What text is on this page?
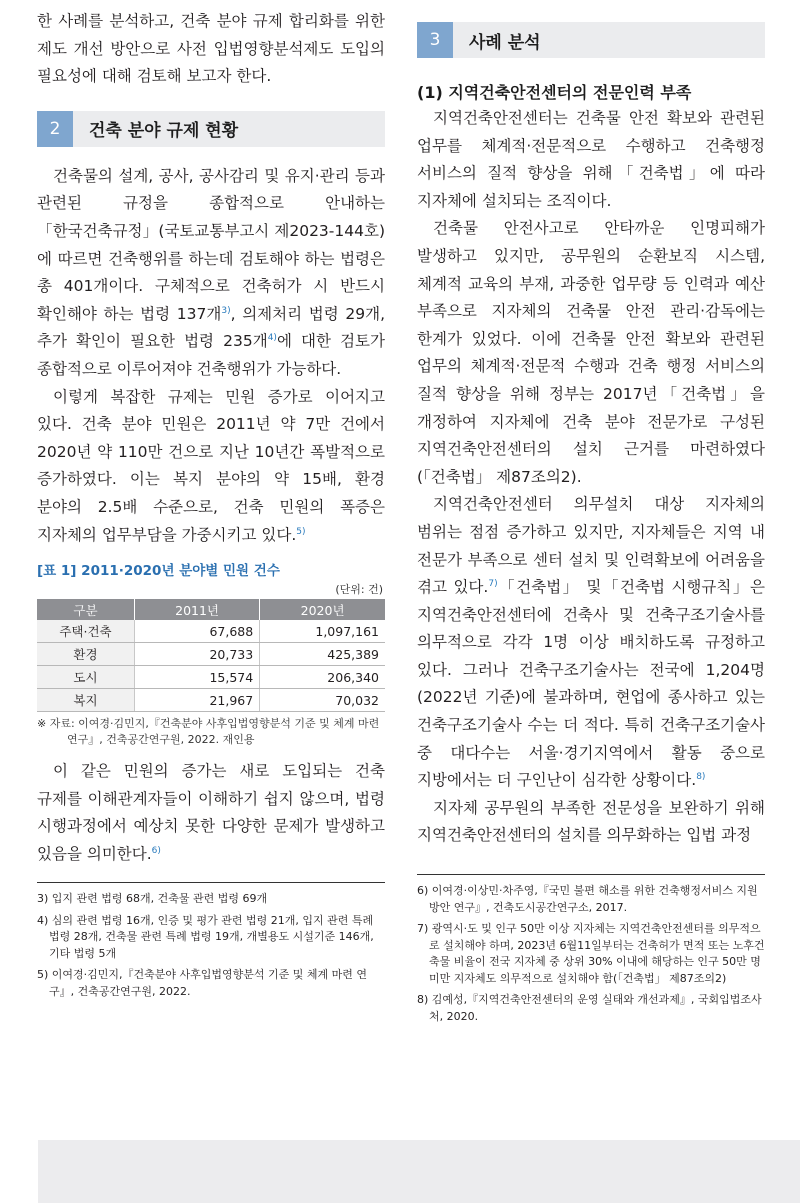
한 사례를 분석하고, 건축 분야 규제 합리화를 위한 제도 개선 방안으로 사전 입법영향분석제도 도입의 필요성에 대해 검토해 보고자 한다.

2	건축 분야 규제 현황

건축물의 설계, 공사, 공사감리 및 유지·관리 등과 관련된 규정을 종합적으로 안내하는「한국건축규정」(국토교통부고시 제2023-144호)에 따르면 건축행위를 하는데 검토해야 하는 법령은 총 401개이다. 구체적으로 건축허가 시 반드시 확인해야 하는 법령 137개$^{3)}$, 의제처리 법령 29개, 추가 확인이 필요한 법령 235개$^{4)}$에 대한 검토가 종합적으로 이루어져야 건축행위가 가능하다.

이렇게 복잡한 규제는 민원 증가로 이어지고 있다. 건축 분야 민원은 2011년 약 7만 건에서 2020년 약 110만 건으로 지난 10년간 폭발적으로 증가하였다. 이는 복지 분야의 약 15배, 환경 분야의 2.5배 수준으로, 건축 민원의 폭증은 지자체의 업무부담을 가중시키고 있다.$^{5)}$

[표 1] 2011·2020년 분야별 민원 건수
(단위: 건)
구분	2011년	2020년
주택·건축	67,688	1,097,161
환경	20,733	425,389
도시	15,574	206,340
복지	21,967	70,032
※ 자료: 이여경·김민지,『건축분야 사후입법영향분석 기준 및 체계 마련 연구』, 건축공간연구원, 2022. 재인용

이 같은 민원의 증가는 새로 도입되는 건축 규제를 이해관계자들이 이해하기 쉽지 않으며, 법령 시행과정에서 예상치 못한 다양한 문제가 발생하고 있음을 의미한다.$^{6)}$

3) 입지 관련 법령 68개, 건축물 관련 법령 69개
4) 심의 관련 법령 16개, 인증 및 평가 관련 법령 21개, 입지 관련 특례 법령 28개, 건축물 관련 특례 법령 19개, 개별용도 시설기준 146개, 기타 법령 5개
5) 이여경·김민지,『건축분야 사후입법영향분석 기준 및 체계 마련 연구』, 건축공간연구원, 2022.
3	사례 분석
(1) 지역건축안전센터의 전문인력 부족

지역건축안전센터는 건축물 안전 확보와 관련된 업무를 체계적·전문적으로 수행하고 건축행정 서비스의 질적 향상을 위해「건축법」에 따라 지자체에 설치되는 조직이다.

건축물 안전사고로 안타까운 인명피해가 발생하고 있지만, 공무원의 순환보직 시스템, 체계적 교육의 부재, 과중한 업무량 등 인력과 예산 부족으로 지자체의 건축물 안전 관리·감독에는 한계가 있었다. 이에 건축물 안전 확보와 관련된 업무의 체계적·전문적 수행과 건축 행정 서비스의 질적 향상을 위해 정부는 2017년「건축법」을 개정하여 지자체에 건축 분야 전문가로 구성된 지역건축안전센터의 설치 근거를 마련하였다(「건축법」 제87조의2).

지역건축안전센터 의무설치 대상 지자체의 범위는 점점 증가하고 있지만, 지자체들은 지역 내 전문가 부족으로 센터 설치 및 인력확보에 어려움을 겪고 있다.$^{7)}$「건축법」 및「건축법 시행규칙」은 지역건축안전센터에 건축사 및 건축구조기술사를 의무적으로 각각 1명 이상 배치하도록 규정하고 있다. 그러나 건축구조기술사는 전국에 1,204명(2022년 기준)에 불과하며, 현업에 종사하고 있는 건축구조기술사 수는 더 적다. 특히 건축구조기술사 중 대다수는 서울·경기지역에서 활동 중으로 지방에서는 더 구인난이 심각한 상황이다.$^{8)}$

지자체 공무원의 부족한 전문성을 보완하기 위해 지역건축안전센터의 설치를 의무화하는 입법 과정

6) 이여경·이상민·차주영,『국민 불편 해소를 위한 건축행정서비스 지원방안 연구』, 건축도시공간연구소, 2017.
7) 광역시·도 및 인구 50만 이상 지자체는 지역건축안전센터를 의무적으로 설치해야 하며, 2023년 6월11일부터는 건축허가 면적 또는 노후건축물 비율이 전국 지자체 중 상위 30% 이내에 해당하는 인구 50만 명 미만 지자체도 의무적으로 설치해야 함(「건축법」 제87조의2)
8) 김예성,『지역건축안전센터의 운영 실태와 개선과제』, 국회입법조사처, 2020.
